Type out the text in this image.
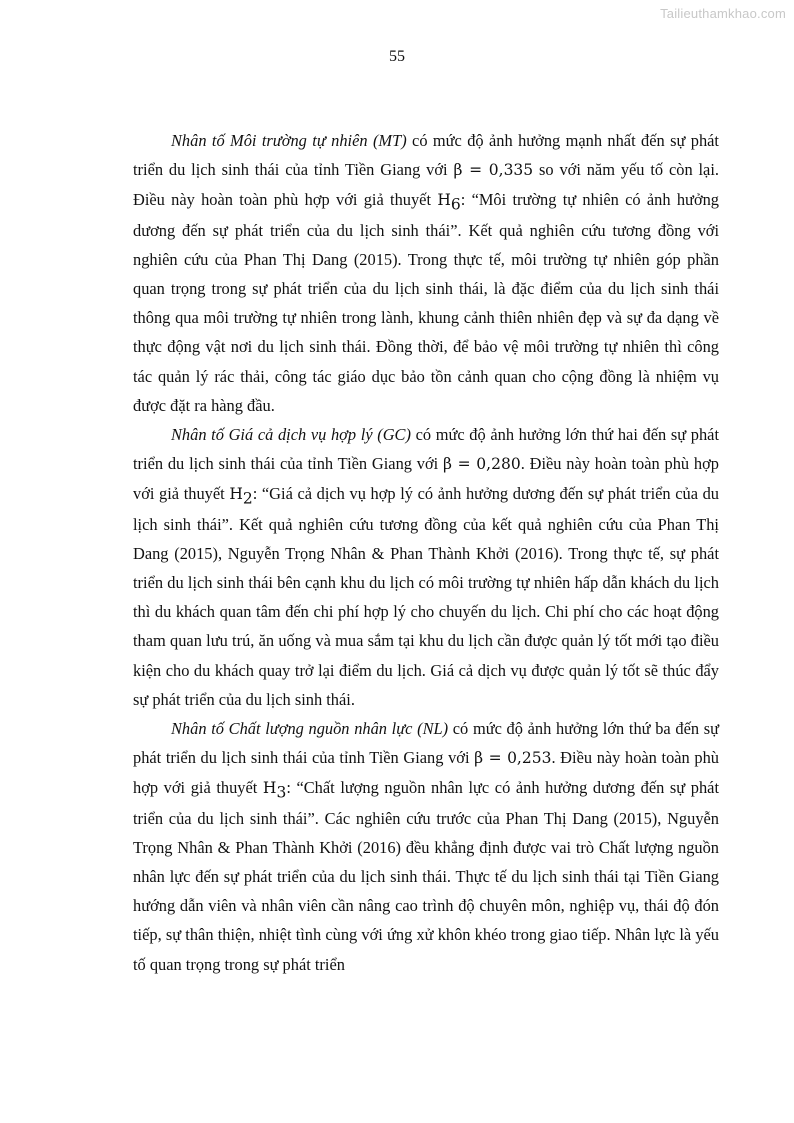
Tailieuthamkhao.com
55

Nhân tố Môi trường tự nhiên (MT) có mức độ ảnh hưởng mạnh nhất đến sự phát triển du lịch sinh thái của tỉnh Tiền Giang với β = 0,335 so với năm yếu tố còn lại. Điều này hoàn toàn phù hợp với giả thuyết $H_6$: “Môi trường tự nhiên có ảnh hưởng dương đến sự phát triển của du lịch sinh thái”. Kết quả nghiên cứu tương đồng với nghiên cứu của Phan Thị Dang (2015). Trong thực tế, môi trường tự nhiên góp phần quan trọng trong sự phát triển của du lịch sinh thái, là đặc điểm của du lịch sinh thái thông qua môi trường tự nhiên trong lành, khung cảnh thiên nhiên đẹp và sự đa dạng về thực động vật nơi du lịch sinh thái. Đồng thời, để bảo vệ môi trường tự nhiên thì công tác quản lý rác thải, công tác giáo dục bảo tồn cảnh quan cho cộng đồng là nhiệm vụ được đặt ra hàng đầu.

Nhân tố Giá cả dịch vụ hợp lý (GC) có mức độ ảnh hưởng lớn thứ hai đến sự phát triển du lịch sinh thái của tỉnh Tiền Giang với β = 0,280. Điều này hoàn toàn phù hợp với giả thuyết $H_2$: “Giá cả dịch vụ hợp lý có ảnh hưởng dương đến sự phát triển của du lịch sinh thái”. Kết quả nghiên cứu tương đồng của kết quả nghiên cứu của Phan Thị Dang (2015), Nguyễn Trọng Nhân & Phan Thành Khởi (2016). Trong thực tế, sự phát triển du lịch sinh thái bên cạnh khu du lịch có môi trường tự nhiên hấp dẫn khách du lịch thì du khách quan tâm đến chi phí hợp lý cho chuyến du lịch. Chi phí cho các hoạt động tham quan lưu trú, ăn uống và mua sắm tại khu du lịch cần được quản lý tốt mới tạo điều kiện cho du khách quay trở lại điểm du lịch. Giá cả dịch vụ được quản lý tốt sẽ thúc đẩy sự phát triển của du lịch sinh thái.

Nhân tố Chất lượng nguồn nhân lực (NL) có mức độ ảnh hưởng lớn thứ ba đến sự phát triển du lịch sinh thái của tỉnh Tiền Giang với β = 0,253. Điều này hoàn toàn phù hợp với giả thuyết $H_3$: “Chất lượng nguồn nhân lực có ảnh hưởng dương đến sự phát triển của du lịch sinh thái”. Các nghiên cứu trước của Phan Thị Dang (2015), Nguyễn Trọng Nhân & Phan Thành Khởi (2016) đều khẳng định được vai trò Chất lượng nguồn nhân lực đến sự phát triển của du lịch sinh thái. Thực tế du lịch sinh thái tại Tiền Giang hướng dẫn viên và nhân viên cần nâng cao trình độ chuyên môn, nghiệp vụ, thái độ đón tiếp, sự thân thiện, nhiệt tình cùng với ứng xử khôn khéo trong giao tiếp. Nhân lực là yếu tố quan trọng trong sự phát triển
